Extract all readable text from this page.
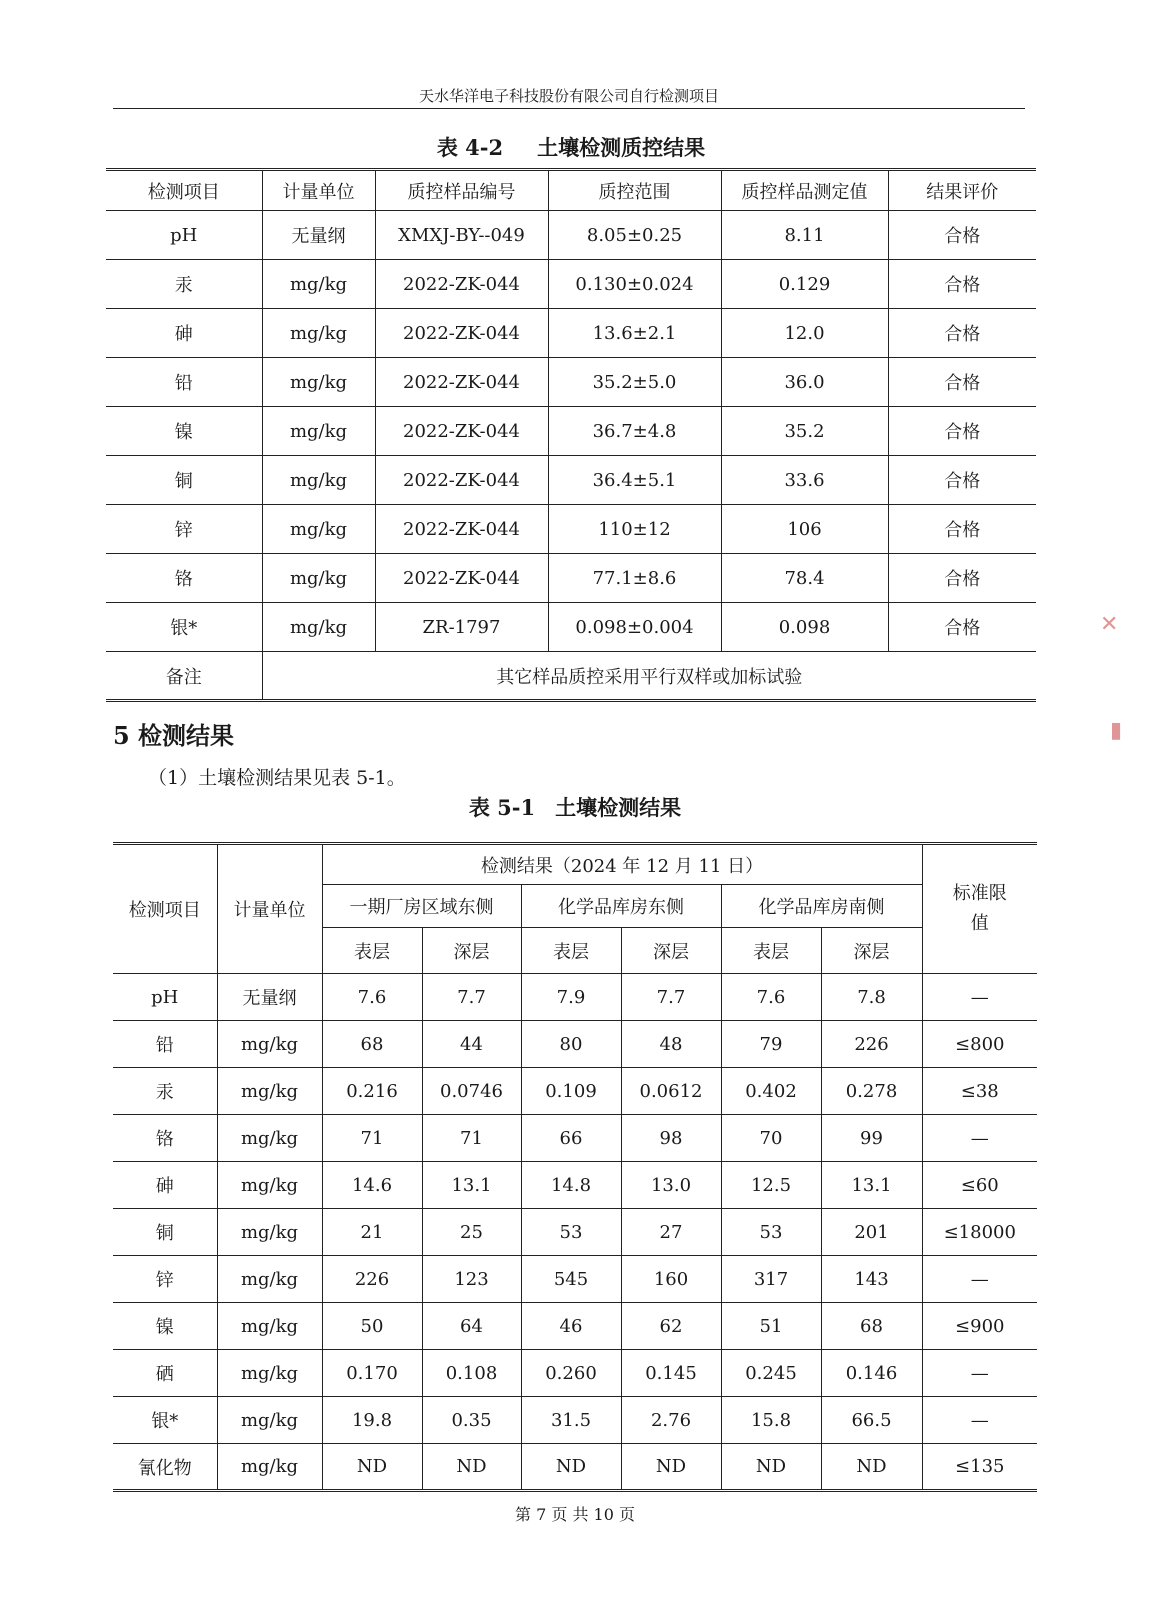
天水华洋电子科技股份有限公司自行检测项目
表 4-2 土壤检测质控结果
检测项目	计量单位	质控样品编号	质控范围	质控样品测定值	结果评价
pH	无量纲	XMXJ-BY--049	8.05±0.25	8.11	合格
汞	mg/kg	2022-ZK-044	0.130±0.024	0.129	合格
砷	mg/kg	2022-ZK-044	13.6±2.1	12.0	合格
铅	mg/kg	2022-ZK-044	35.2±5.0	36.0	合格
镍	mg/kg	2022-ZK-044	36.7±4.8	35.2	合格
铜	mg/kg	2022-ZK-044	36.4±5.1	33.6	合格
锌	mg/kg	2022-ZK-044	110±12	106	合格
铬	mg/kg	2022-ZK-044	77.1±8.6	78.4	合格
银*	mg/kg	ZR-1797	0.098±0.004	0.098	合格
备注	其它样品质控采用平行双样或加标试验				
5 检测结果
（1）土壤检测结果见表 5-1。
表 5-1 土壤检测结果
检测项目	计量单位	检测结果（2024 年 12 月 11 日）						标准限值
		一期厂房区域东侧		化学品库房东侧		化学品库房南侧		
		表层	深层	表层	深层	表层	深层	
pH	无量纲	7.6	7.7	7.9	7.7	7.6	7.8	—
铅	mg/kg	68	44	80	48	79	226	≤800
汞	mg/kg	0.216	0.0746	0.109	0.0612	0.402	0.278	≤38
铬	mg/kg	71	71	66	98	70	99	—
砷	mg/kg	14.6	13.1	14.8	13.0	12.5	13.1	≤60
铜	mg/kg	21	25	53	27	53	201	≤18000
锌	mg/kg	226	123	545	160	317	143	—
镍	mg/kg	50	64	46	62	51	68	≤900
硒	mg/kg	0.170	0.108	0.260	0.145	0.245	0.146	—
银*	mg/kg	19.8	0.35	31.5	2.76	15.8	66.5	—
氰化物	mg/kg	ND	ND	ND	ND	ND	ND	≤135
第 7 页 共 10 页
✕
▮
